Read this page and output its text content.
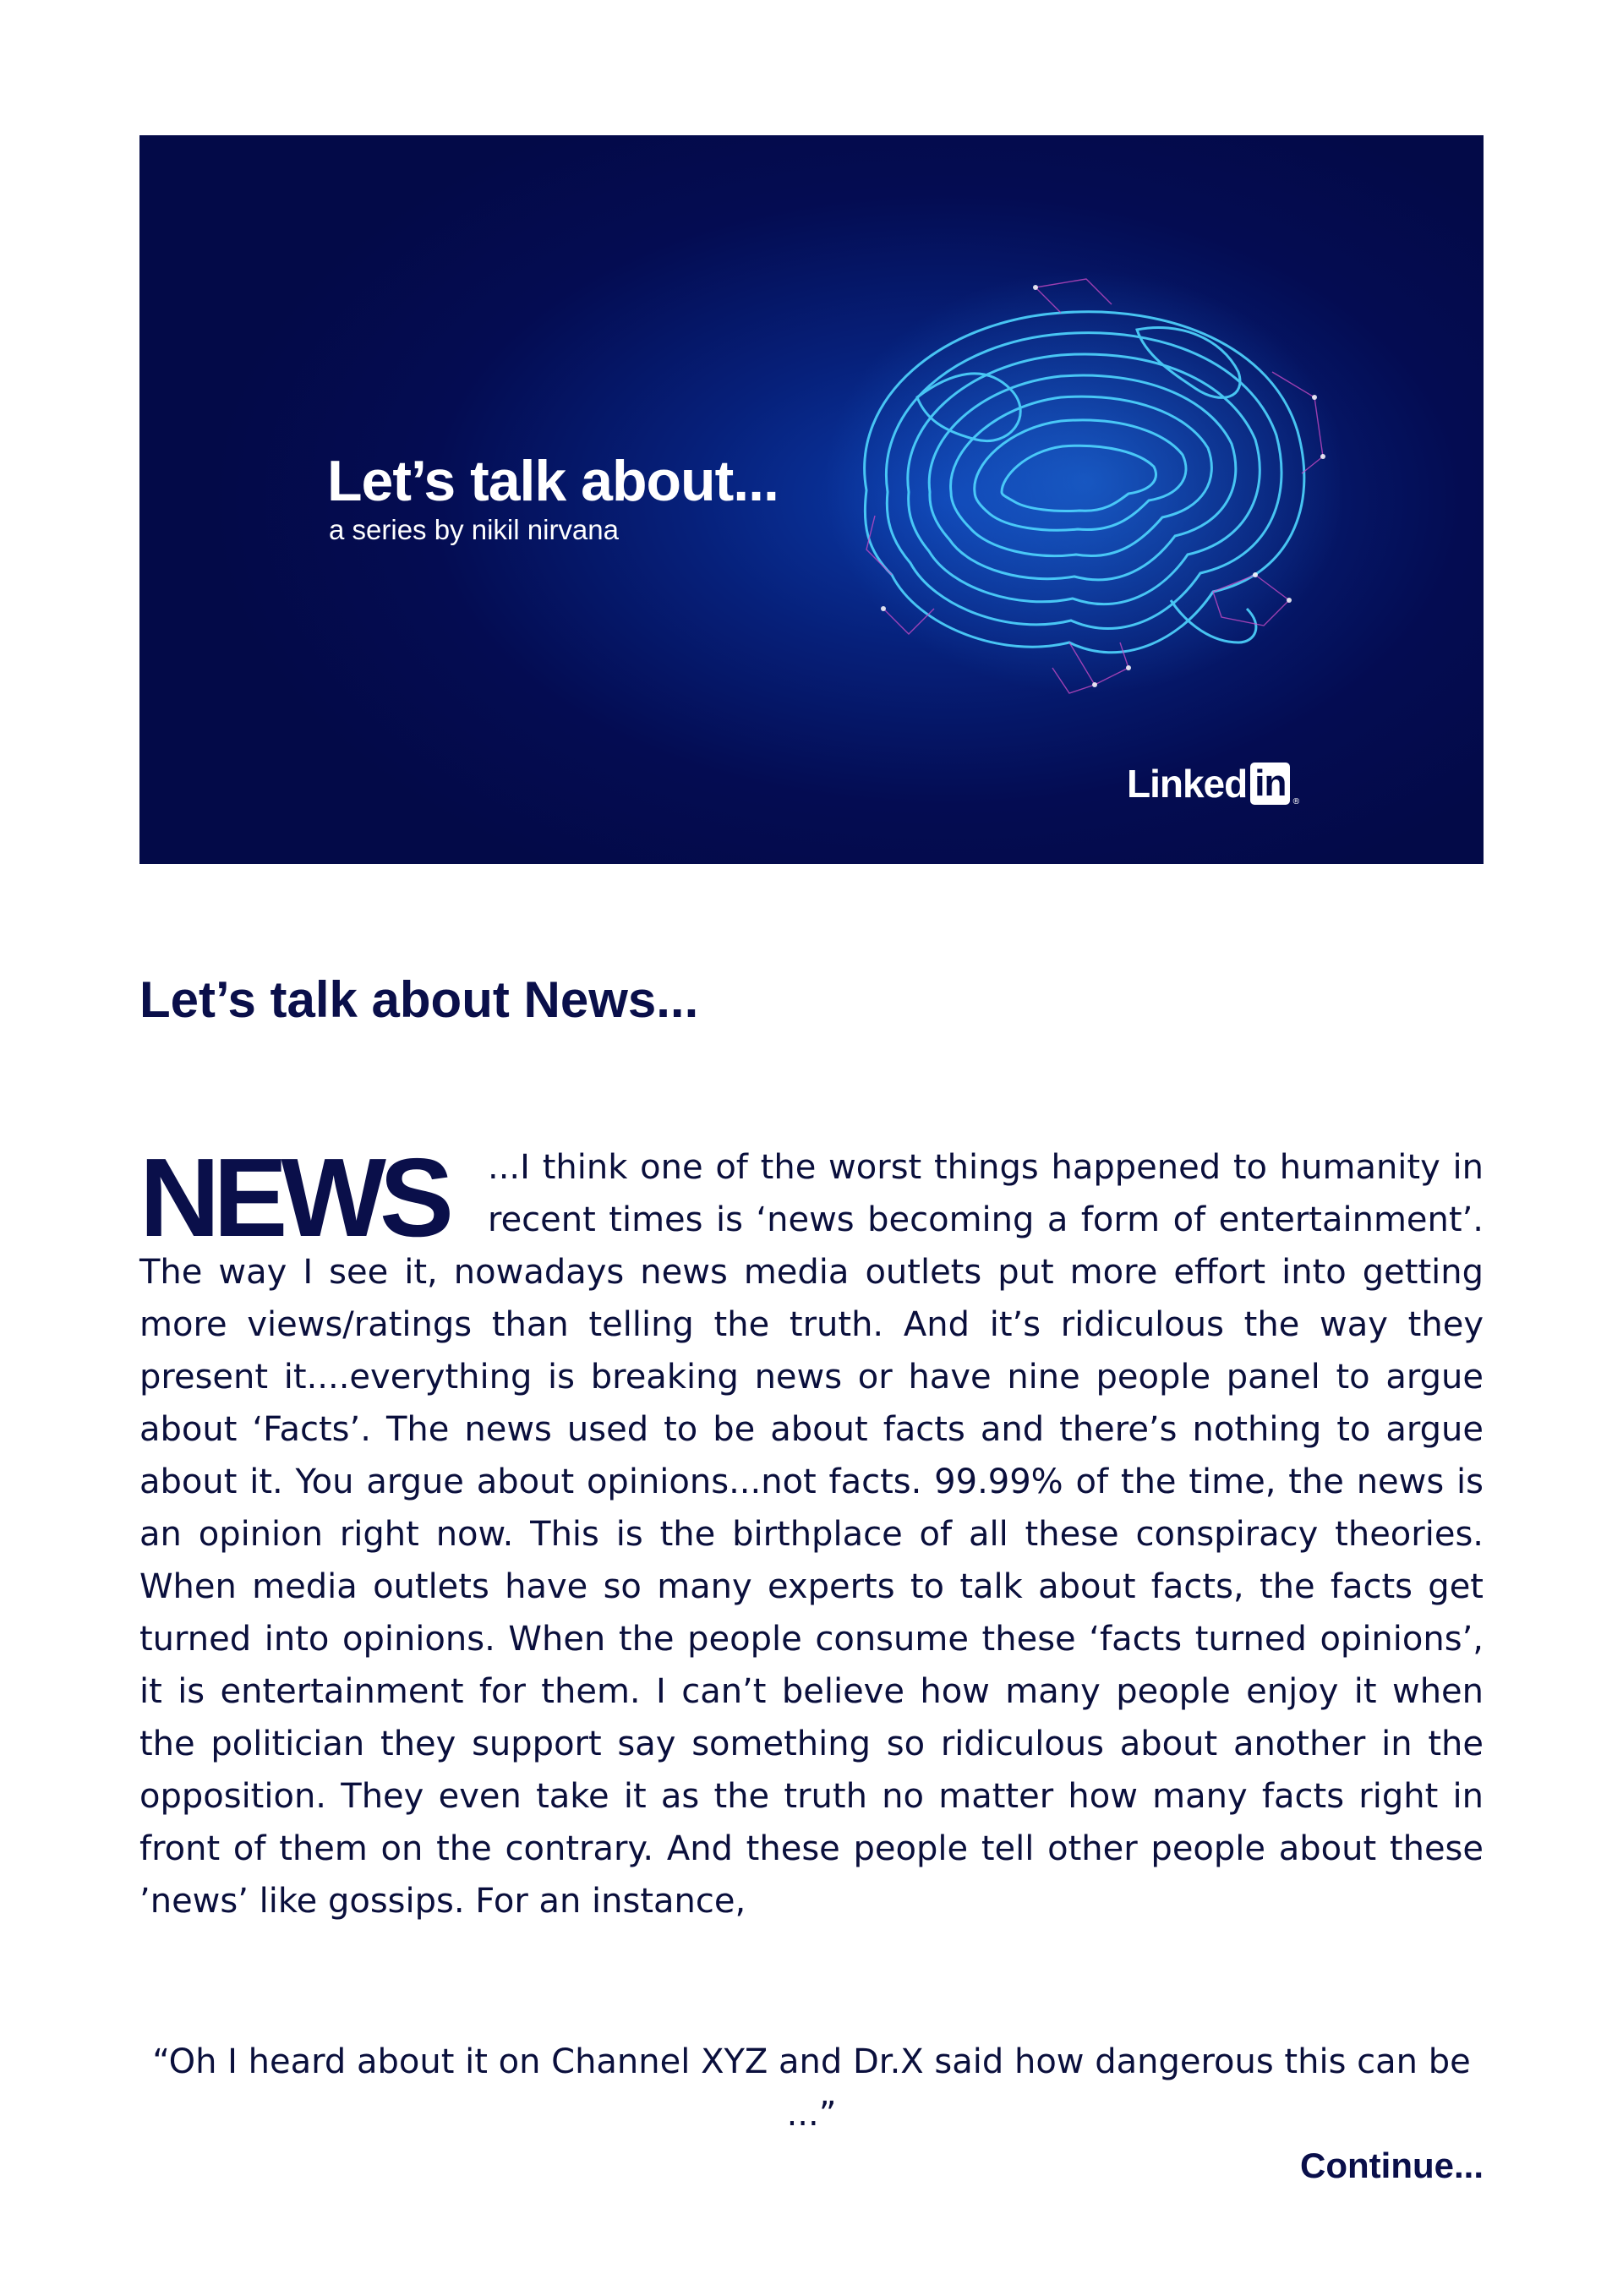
Let’s talk about...
a series by nikil nirvana
Linked in ®
Let’s talk about News...

NEWS ...I think one of the worst things happened to humanity in recent times is ‘news becoming a form of entertainment’. The way I see it, nowadays news media outlets put more effort into getting more views/ratings than telling the truth. And it’s ridiculous the way they present it....everything is breaking news or have nine people panel to argue about ‘Facts’. The news used to be about facts and there’s nothing to argue about it. You argue about opinions...not facts. 99.99% of the time, the news is an opinion right now. This is the birthplace of all these conspiracy theories. When media outlets have so many experts to talk about facts, the facts get turned into opinions. When the people consume these ‘facts turned opinions’, it is entertainment for them. I can’t believe how many people enjoy it when the politician they support say something so ridiculous about another in the opposition. They even take it as the truth no matter how many facts right in front of them on the contrary. And these people tell other people about these ’news’ like gossips. For an instance,

“Oh I heard about it on Channel XYZ and Dr.X said how dangerous this can be ...”

Continue...
